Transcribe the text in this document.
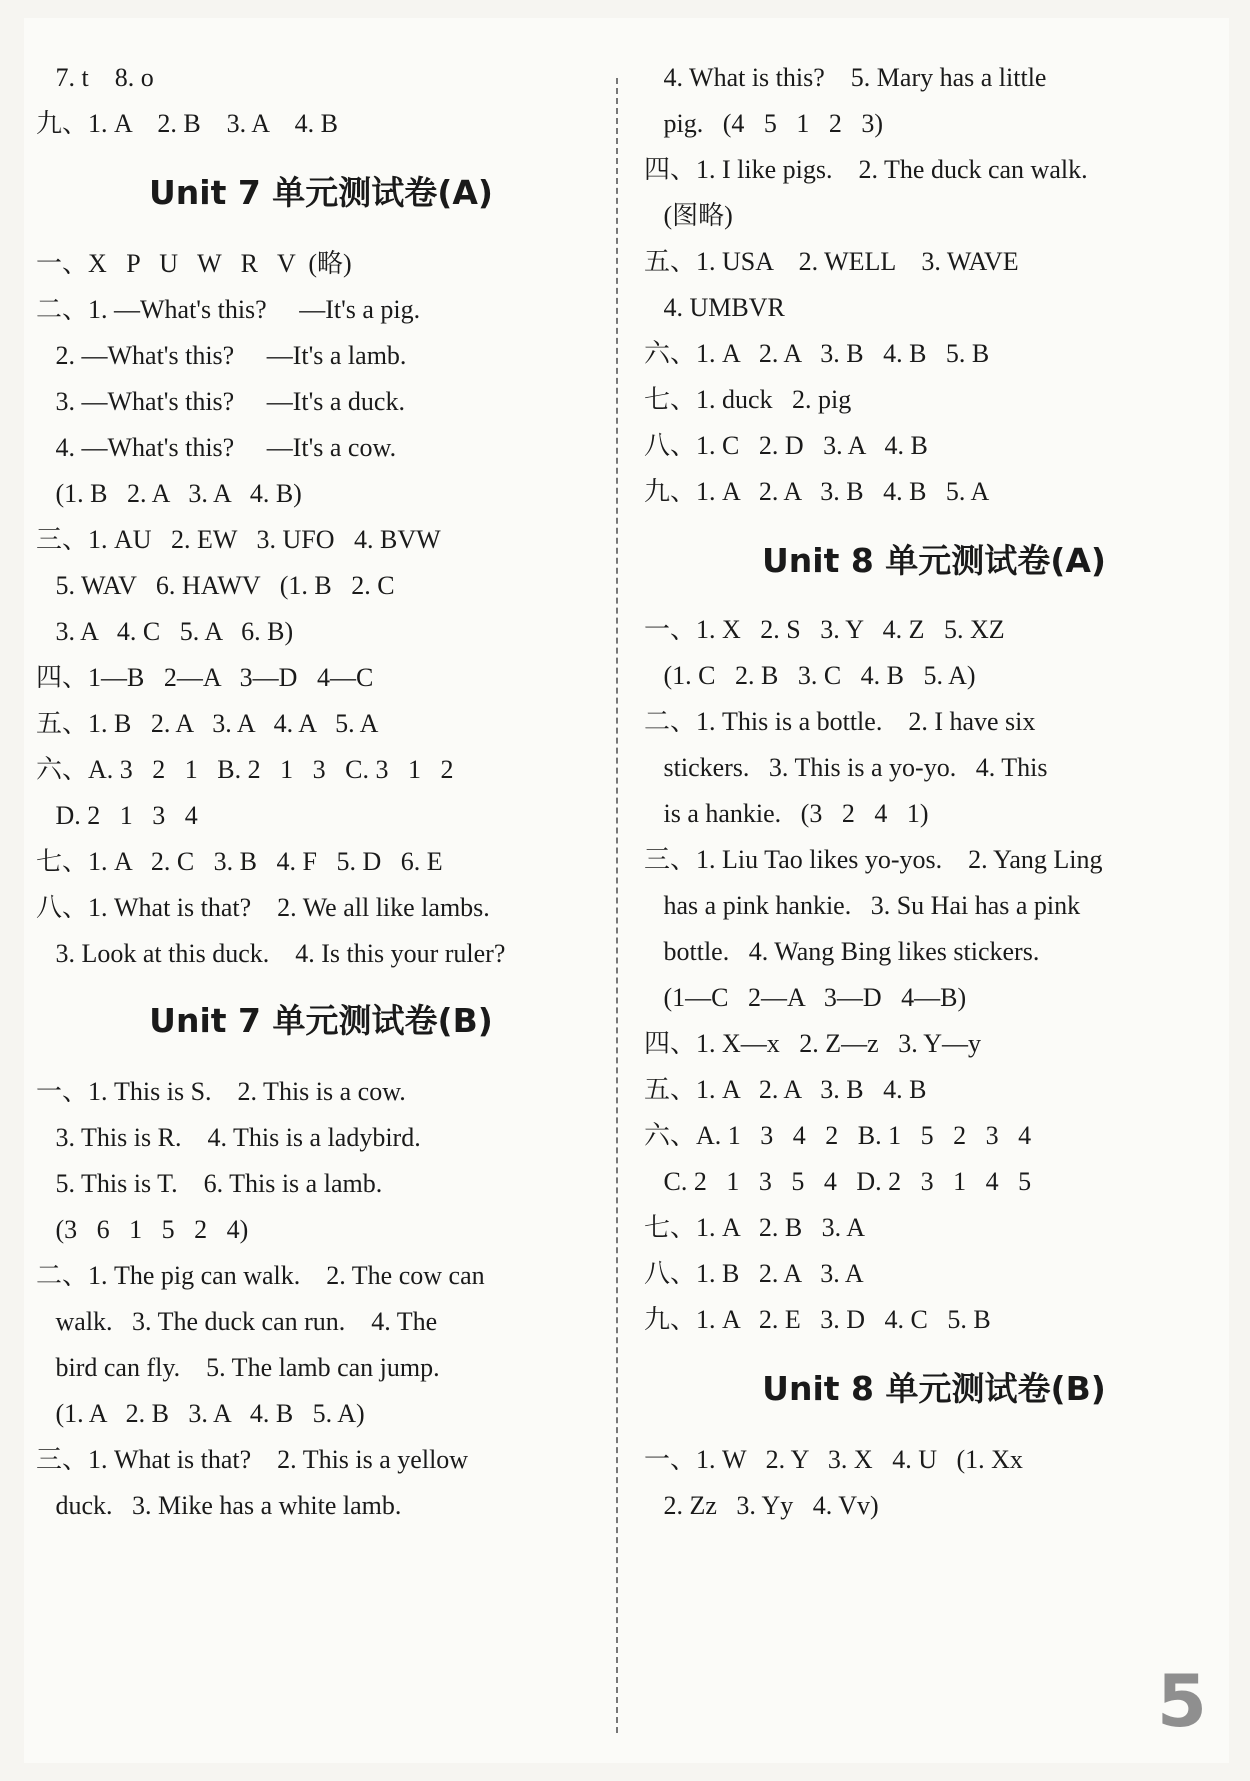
7. t    8. o
九、1. A    2. B    3. A    4. B
Unit 7 单元测试卷(A)
一、X   P   U   W   R   V  (略)
二、1. —What's this?     —It's a pig.
2. —What's this?     —It's a lamb.
3. —What's this?     —It's a duck.
4. —What's this?     —It's a cow.
(1. B   2. A   3. A   4. B)
三、1. AU   2. EW   3. UFO   4. BVW
5. WAV   6. HAWV   (1. B   2. C
3. A   4. C   5. A   6. B)
四、1—B   2—A   3—D   4—C
五、1. B   2. A   3. A   4. A   5. A
六、A. 3   2   1   B. 2   1   3   C. 3   1   2
D. 2   1   3   4
七、1. A   2. C   3. B   4. F   5. D   6. E
八、1. What is that?    2. We all like lambs.
3. Look at this duck.    4. Is this your ruler?
Unit 7 单元测试卷(B)
一、1. This is S.    2. This is a cow.
3. This is R.    4. This is a ladybird.
5. This is T.    6. This is a lamb.
(3   6   1   5   2   4)
二、1. The pig can walk.    2. The cow can
walk.   3. The duck can run.    4. The
bird can fly.    5. The lamb can jump.
(1. A   2. B   3. A   4. B   5. A)
三、1. What is that?    2. This is a yellow
duck.   3. Mike has a white lamb.
4. What is this?    5. Mary has a little
pig.   (4   5   1   2   3)
四、1. I like pigs.    2. The duck can walk.
(图略)
五、1. USA    2. WELL    3. WAVE
4. UMBVR
六、1. A   2. A   3. B   4. B   5. B
七、1. duck   2. pig
八、1. C   2. D   3. A   4. B
九、1. A   2. A   3. B   4. B   5. A
Unit 8 单元测试卷(A)
一、1. X   2. S   3. Y   4. Z   5. XZ
(1. C   2. B   3. C   4. B   5. A)
二、1. This is a bottle.    2. I have six
stickers.   3. This is a yo-yo.   4. This
is a hankie.   (3   2   4   1)
三、1. Liu Tao likes yo-yos.    2. Yang Ling
has a pink hankie.   3. Su Hai has a pink
bottle.   4. Wang Bing likes stickers.
(1—C   2—A   3—D   4—B)
四、1. X—x   2. Z—z   3. Y—y
五、1. A   2. A   3. B   4. B
六、A. 1   3   4   2   B. 1   5   2   3   4
C. 2   1   3   5   4   D. 2   3   1   4   5
七、1. A   2. B   3. A
八、1. B   2. A   3. A
九、1. A   2. E   3. D   4. C   5. B
Unit 8 单元测试卷(B)
一、1. W   2. Y   3. X   4. U   (1. Xx
2. Zz   3. Yy   4. Vv)
5
